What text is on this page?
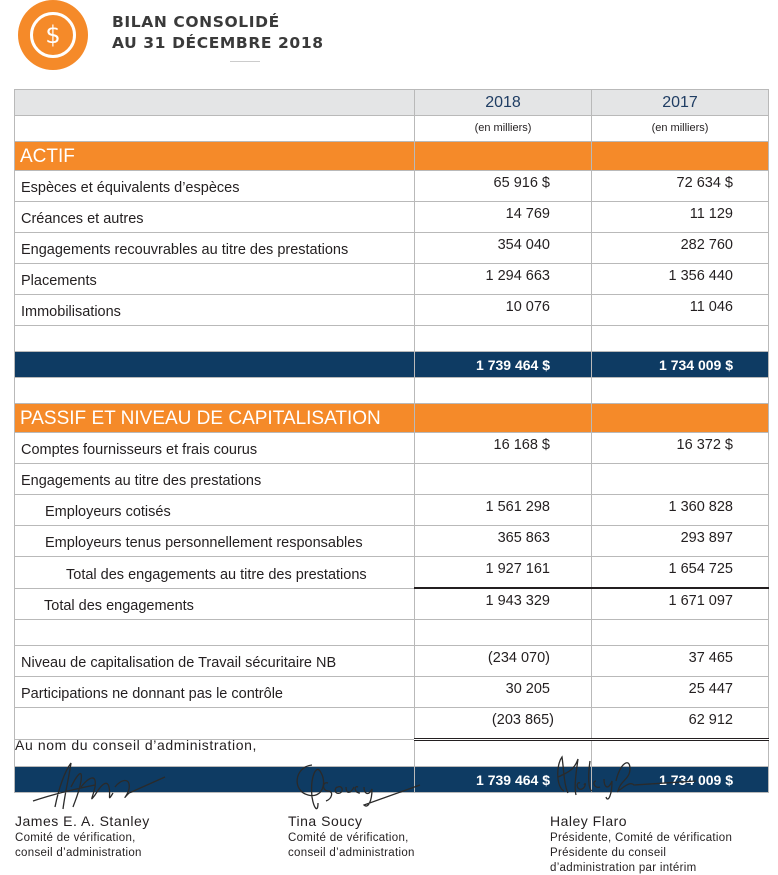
$	BILAN CONSOLIDÉ
AU 31 DÉCEMBRE 2018
	2018	2017
	(en milliers)	(en milliers)
ACTIF		
Espèces et équivalents d’espèces	65 916 $	72 634 $
Créances et autres	14 769	11 129
Engagements recouvrables au titre des prestations	354 040	282 760
Placements	1 294 663	1 356 440
Immobilisations	10 076	11 046

	1 739 464 $	1 734 009 $

PASSIF ET NIVEAU DE CAPITALISATION		
Comptes fournisseurs et frais courus	16 168 $	16 372 $
Engagements au titre des prestations		
Employeurs cotisés	1 561 298	1 360 828
Employeurs tenus personnellement responsables	365 863	293 897
Total des engagements au titre des prestations	1 927 161	1 654 725
Total des engagements	1 943 329	1 671 097

Niveau de capitalisation de Travail sécuritaire NB	(234 070)	37 465
Participations ne donnant pas le contrôle	30 205	25 447
	(203 865)	62 912

	1 739 464 $	1 734 009 $
Au nom du conseil d’administration,
James E. A. Stanley
Comité de vérification,
conseil d’administration
Tina Soucy
Comité de vérification,
conseil d’administration
Haley Flaro
Présidente, Comité de vérification
Présidente du conseil
d’administration par intérim
